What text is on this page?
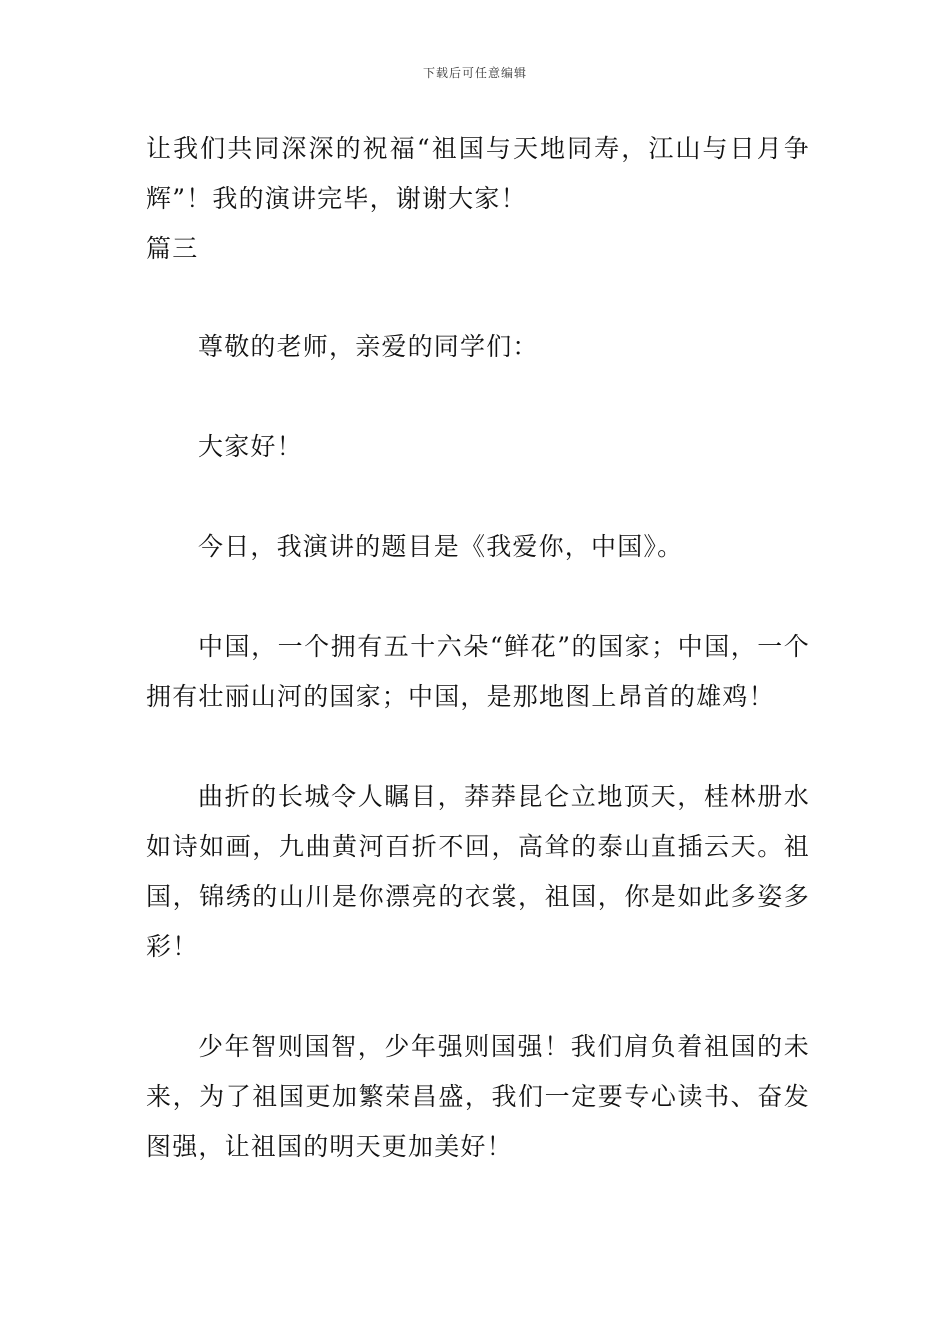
下载后可任意编辑

让我们共同深深的祝福“祖国与天地同寿，江山与日月争辉”！我的演讲完毕，谢谢大家！

篇三

尊敬的老师，亲爱的同学们：

大家好！

今日，我演讲的题目是《我爱你，中国》。

中国，一个拥有五十六朵“鲜花”的国家；中国，一个拥有壮丽山河的国家；中国，是那地图上昂首的雄鸡！

曲折的长城令人瞩目，莽莽昆仑立地顶天，桂林册水如诗如画，九曲黄河百折不回，高耸的泰山直插云天。祖国，锦绣的山川是你漂亮的衣裳，祖国，你是如此多姿多彩！

少年智则国智，少年强则国强！我们肩负着祖国的未来，为了祖国更加繁荣昌盛，我们一定要专心读书、奋发图强，让祖国的明天更加美好！
